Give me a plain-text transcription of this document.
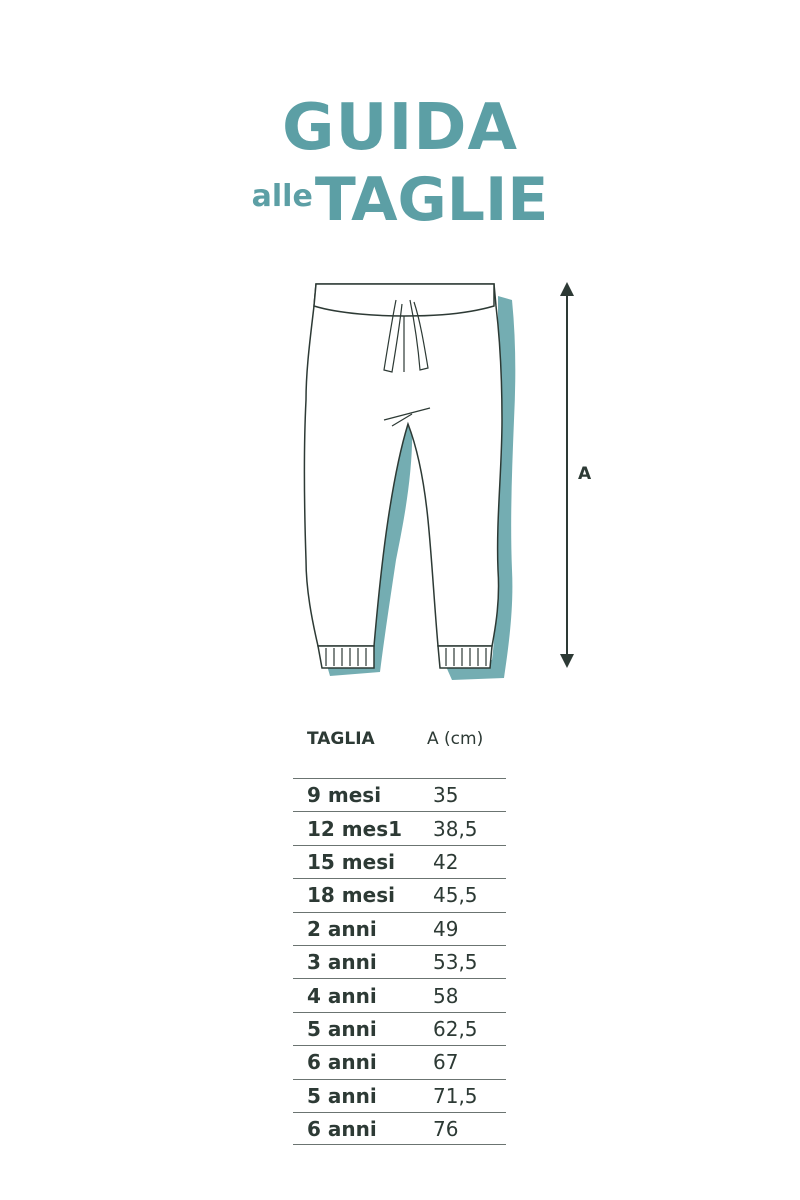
GUIDA
alleTAGLIE
A
TAGLIA	A (cm)
9 mesi	35
12 mes1	38,5
15 mesi	42
18 mesi	45,5
2 anni	49
3 anni	53,5
4 anni	58
5 anni	62,5
6 anni	67
5 anni	71,5
6 anni	76
